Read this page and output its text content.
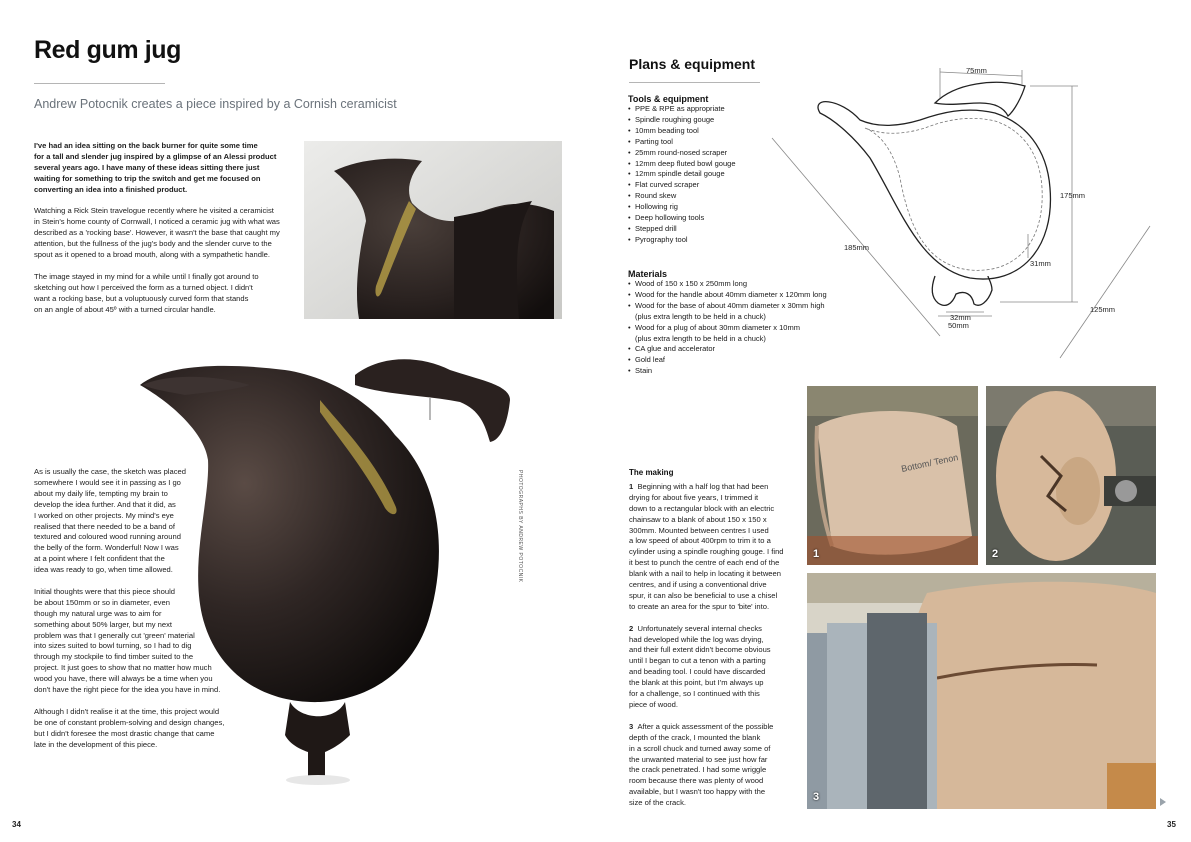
Red gum jug
Andrew Potocnik creates a piece inspired by a Cornish ceramicist

I've had an idea sitting on the back burner for quite some time
for a tall and slender jug inspired by a glimpse of an Alessi product
several years ago. I have many of these ideas sitting there just
waiting for something to trip the switch and get me focused on
converting an idea into a finished product.

Watching a Rick Stein travelogue recently where he visited a ceramicist
in Stein's home county of Cornwall, I noticed a ceramic jug with what was
described as a 'rocking base'. However, it wasn't the base that caught my
attention, but the fullness of the jug's body and the slender curve to the
spout as it opened to a broad mouth, along with a sympathetic handle.

The image stayed in my mind for a while until I finally got around to
sketching out how I perceived the form as a turned object. I didn't
want a rocking base, but a voluptuously curved form that stands
on an angle of about 45º with a turned circular handle.

PHOTOGRAPHS BY ANDREW POTOCNIK

As is usually the case, the sketch was placed
somewhere I would see it in passing as I go
about my daily life, tempting my brain to
develop the idea further. And that it did, as
I worked on other projects. My mind's eye
realised that there needed to be a band of
textured and coloured wood running around
the belly of the form. Wonderful! Now I was
at a point where I felt confident that the
idea was ready to go, when time allowed.

Initial thoughts were that this piece should
be about 150mm or so in diameter, even
though my natural urge was to aim for
something about 50% larger, but my next
problem was that I generally cut 'green' material
into sizes suited to bowl turning, so I had to dig
through my stockpile to find timber suited to the
project. It just goes to show that no matter how much
wood you have, there will always be a time when you
don't have the right piece for the idea you have in mind.

Although I didn't realise it at the time, this project would
be one of constant problem-solving and design changes,
but I didn't foresee the most drastic change that came
late in the development of this piece.

34
Plans & equipment
Tools & equipment
• PPE & RPE as appropriate
• Spindle roughing gouge
• 10mm beading tool
• Parting tool
• 25mm round-nosed scraper
• 12mm deep fluted bowl gouge
• 12mm spindle detail gouge
• Flat curved scraper
• Round skew
• Hollowing rig
• Deep hollowing tools
• Stepped drill
• Pyrography tool
Materials
• Wood of 150 x 150 x 250mm long
• Wood for the handle about 40mm diameter x 120mm long
• Wood for the base of about 40mm diameter x 30mm high
(plus extra length to be held in a chuck)
• Wood for a plug of about 30mm diameter x 10mm
(plus extra length to be held in a chuck)
• CA glue and accelerator
• Gold leaf
• Stain
75mm
175mm
185mm
31mm
32mm
50mm
125mm
The making

1 Beginning with a half log that had been
drying for about five years, I trimmed it
down to a rectangular block with an electric
chainsaw to a blank of about 150 x 150 x
300mm. Mounted between centres I used
a low speed of about 400rpm to trim it to a
cylinder using a spindle roughing gouge. I find
it best to punch the centre of each end of the
blank with a nail to help in locating it between
centres, and if using a conventional drive
spur, it can also be beneficial to use a chisel
to create an area for the spur to 'bite' into.

2 Unfortunately several internal checks
had developed while the log was drying,
and their full extent didn't become obvious
until I began to cut a tenon with a parting
and beading tool. I could have discarded
the blank at this point, but I'm always up
for a challenge, so I continued with this
piece of wood.

3 After a quick assessment of the possible
depth of the crack, I mounted the blank
in a scroll chuck and turned away some of
the unwanted material to see just how far
the crack penetrated. I had some wriggle
room because there was plenty of wood
available, but I wasn't too happy with the
size of the crack.

Bottom/ Tenon
1	2
3
35
